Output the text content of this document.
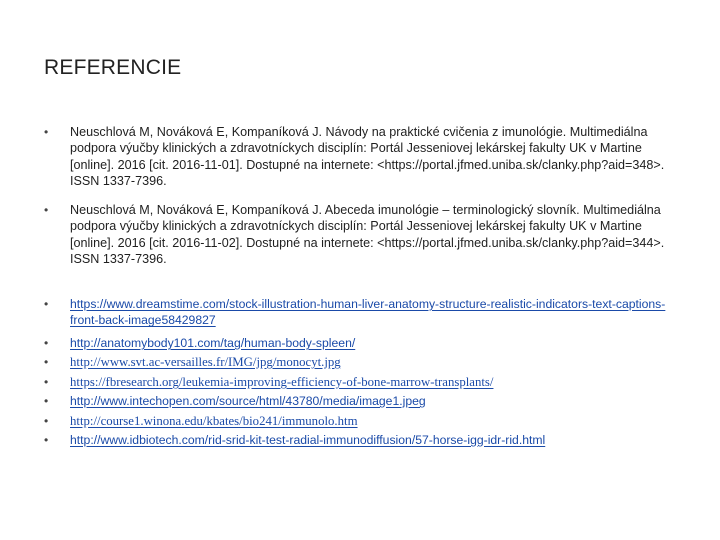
REFERENCIE
• Neuschlová M, Nováková E, Kompaníková J. Návody na praktické cvičenia z imunológie. Multimediálna podpora výučby klinických a zdravotníckych disciplín: Portál Jesseniovej lekárskej fakulty UK v Martine [online]. 2016 [cit. 2016-11-01]. Dostupné na internete: <https://portal.jfmed.uniba.sk/clanky.php?aid=348>. ISSN 1337-7396.
• Neuschlová M, Nováková E, Kompaníková J. Abeceda imunológie – terminologický slovník. Multimediálna podpora výučby klinických a zdravotníckych disciplín: Portál Jesseniovej lekárskej fakulty UK v Martine [online]. 2016 [cit. 2016-11-02]. Dostupné na internete: <https://portal.jfmed.uniba.sk/clanky.php?aid=344>. ISSN 1337-7396.
• https://www.dreamstime.com/stock-illustration-human-liver-anatomy-structure-realistic-indicators-text-captions-front-back-image58429827
• http://anatomybody101.com/tag/human-body-spleen/
• http://www.svt.ac-versailles.fr/IMG/jpg/monocyt.jpg
• https://fbresearch.org/leukemia-improving-efficiency-of-bone-marrow-transplants/
• http://www.intechopen.com/source/html/43780/media/image1.jpeg
• http://course1.winona.edu/kbates/bio241/immunolo.htm
• http://www.idbiotech.com/rid-srid-kit-test-radial-immunodiffusion/57-horse-igg-idr-rid.html
